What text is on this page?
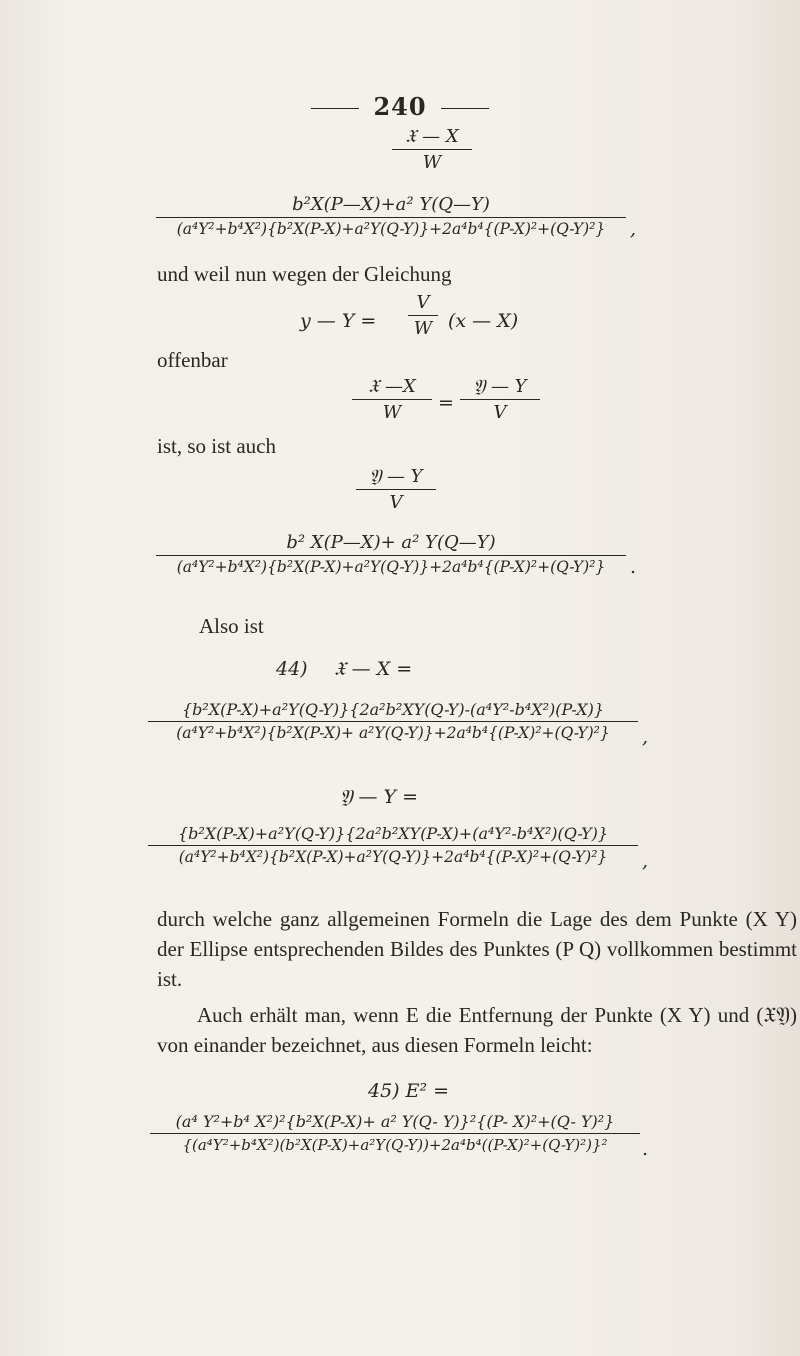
240
𝔛 — X
W
b²X(P—X)+a² Y(Q—Y)
(a⁴Y²+b⁴X²){b²X(P-X)+a²Y(Q-Y)}+2a⁴b⁴{(P-X)²+(Q-Y)²}	,
und weil nun wegen der Gleichung
y — Y =
V
W (x — X)
offenbar
𝔛 —X
W	=
𝔜 — Y
V
ist, so ist auch
𝔜 — Y
V
b² X(P—X)+ a² Y(Q—Y)
(a⁴Y²+b⁴X²){b²X(P-X)+a²Y(Q-Y)}+2a⁴b⁴{(P-X)²+(Q-Y)²}	.
Also ist
44) 𝔛 — X =
{b²X(P-X)+a²Y(Q-Y)}{2a²b²XY(Q-Y)-(a⁴Y²-b⁴X²)(P-X)}
(a⁴Y²+b⁴X²){b²X(P-X)+ a²Y(Q-Y)}+2a⁴b⁴{(P-X)²+(Q-Y)²}	,
𝔜 — Y =
{b²X(P-X)+a²Y(Q-Y)}{2a²b²XY(P-X)+(a⁴Y²-b⁴X²)(Q-Y)}
(a⁴Y²+b⁴X²){b²X(P-X)+a²Y(Q-Y)}+2a⁴b⁴{(P-X)²+(Q-Y)²}	,
durch welche ganz allgemeinen Formeln die Lage des dem Punkte (X Y) der Ellipse entsprechenden Bildes des Punktes (P Q) vollkommen bestimmt ist.
Auch erhält man, wenn E die Entfernung der Punkte (X Y) und (𝔛𝔜) von einander bezeichnet, aus diesen Formeln leicht:
45) E² =
(a⁴ Y²+b⁴ X²)²{b²X(P-X)+ a² Y(Q- Y)}²{(P- X)²+(Q- Y)²}
{(a⁴Y²+b⁴X²)(b²X(P-X)+a²Y(Q-Y))+2a⁴b⁴((P-X)²+(Q-Y)²)}²	.
